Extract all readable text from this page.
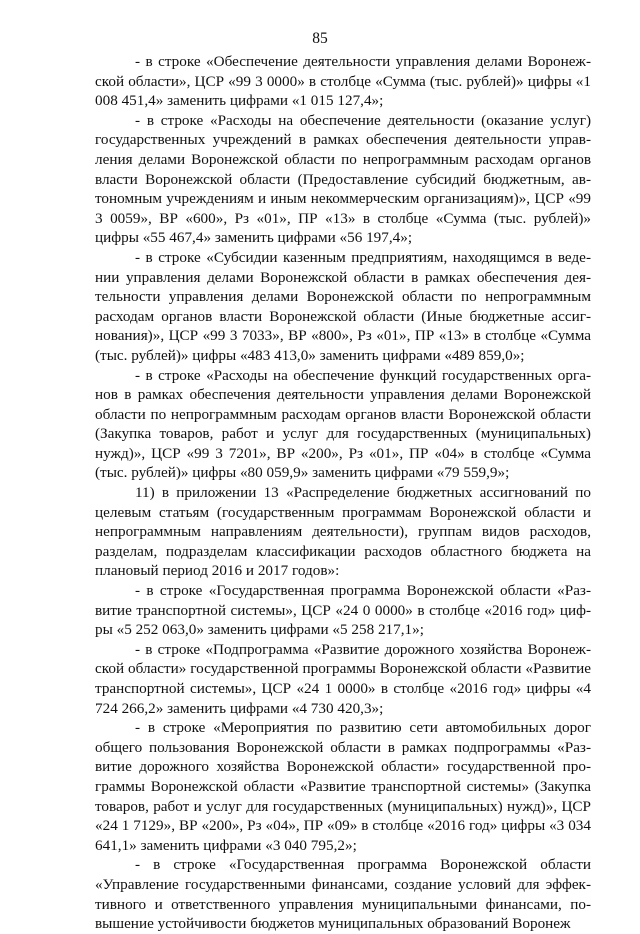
85

- в строке «Обеспечение деятельности управления делами Воронежской области», ЦСР «99 3 0000» в столбце «Сумма (тыс. рублей)» цифры «1 008 451,4» заменить цифрами «1 015 127,4»;

- в строке «Расходы на обеспечение деятельности (оказание услуг) государственных учреждений в рамках обеспечения деятельности управления делами Воронежской области по непрограммным расходам органов власти Воронежской области (Предоставление субсидий бюджетным, автономным учреждениям и иным некоммерческим организациям)», ЦСР «99 3 0059», ВР «600», Рз «01», ПР «13» в столбце «Сумма (тыс. рублей)» цифры «55 467,4» заменить цифрами «56 197,4»;

- в строке «Субсидии казенным предприятиям, находящимся в ведении управления делами Воронежской области в рамках обеспечения деятельности управления делами Воронежской области по непрограммным расходам органов власти Воронежской области (Иные бюджетные ассигнования)», ЦСР «99 3 7033», ВР «800», Рз «01», ПР «13» в столбце «Сумма (тыс. рублей)» цифры «483 413,0» заменить цифрами «489 859,0»;

- в строке «Расходы на обеспечение функций государственных органов в рамках обеспечения деятельности управления делами Воронежской области по непрограммным расходам органов власти Воронежской области (Закупка товаров, работ и услуг для государственных (муниципальных) нужд)», ЦСР «99 3 7201», ВР «200», Рз «01», ПР «04» в столбце «Сумма (тыс. рублей)» цифры «80 059,9» заменить цифрами «79 559,9»;

11) в приложении 13 «Распределение бюджетных ассигнований по целевым статьям (государственным программам Воронежской области и непрограммным направлениям деятельности), группам видов расходов, разделам, подразделам классификации расходов областного бюджета на плановый период 2016 и 2017 годов»:

- в строке «Государственная программа Воронежской области «Развитие транспортной системы», ЦСР «24 0 0000» в столбце «2016 год» цифры «5 252 063,0» заменить цифрами «5 258 217,1»;

- в строке «Подпрограмма «Развитие дорожного хозяйства Воронежской области» государственной программы Воронежской области «Развитие транспортной системы», ЦСР «24 1 0000» в столбце «2016 год» цифры «4 724 266,2» заменить цифрами «4 730 420,3»;

- в строке «Мероприятия по развитию сети автомобильных дорог общего пользования Воронежской области в рамках подпрограммы «Развитие дорожного хозяйства Воронежской области» государственной программы Воронежской области «Развитие транспортной системы» (Закупка товаров, работ и услуг для государственных (муниципальных) нужд)», ЦСР «24 1 7129», ВР «200», Рз «04», ПР «09» в столбце «2016 год» цифры «3 034 641,1» заменить цифрами «3 040 795,2»;

- в строке «Государственная программа Воронежской области «Управление государственными финансами, создание условий для эффективного и ответственного управления муниципальными финансами, повышение устойчивости бюджетов муниципальных образований Воронеж
